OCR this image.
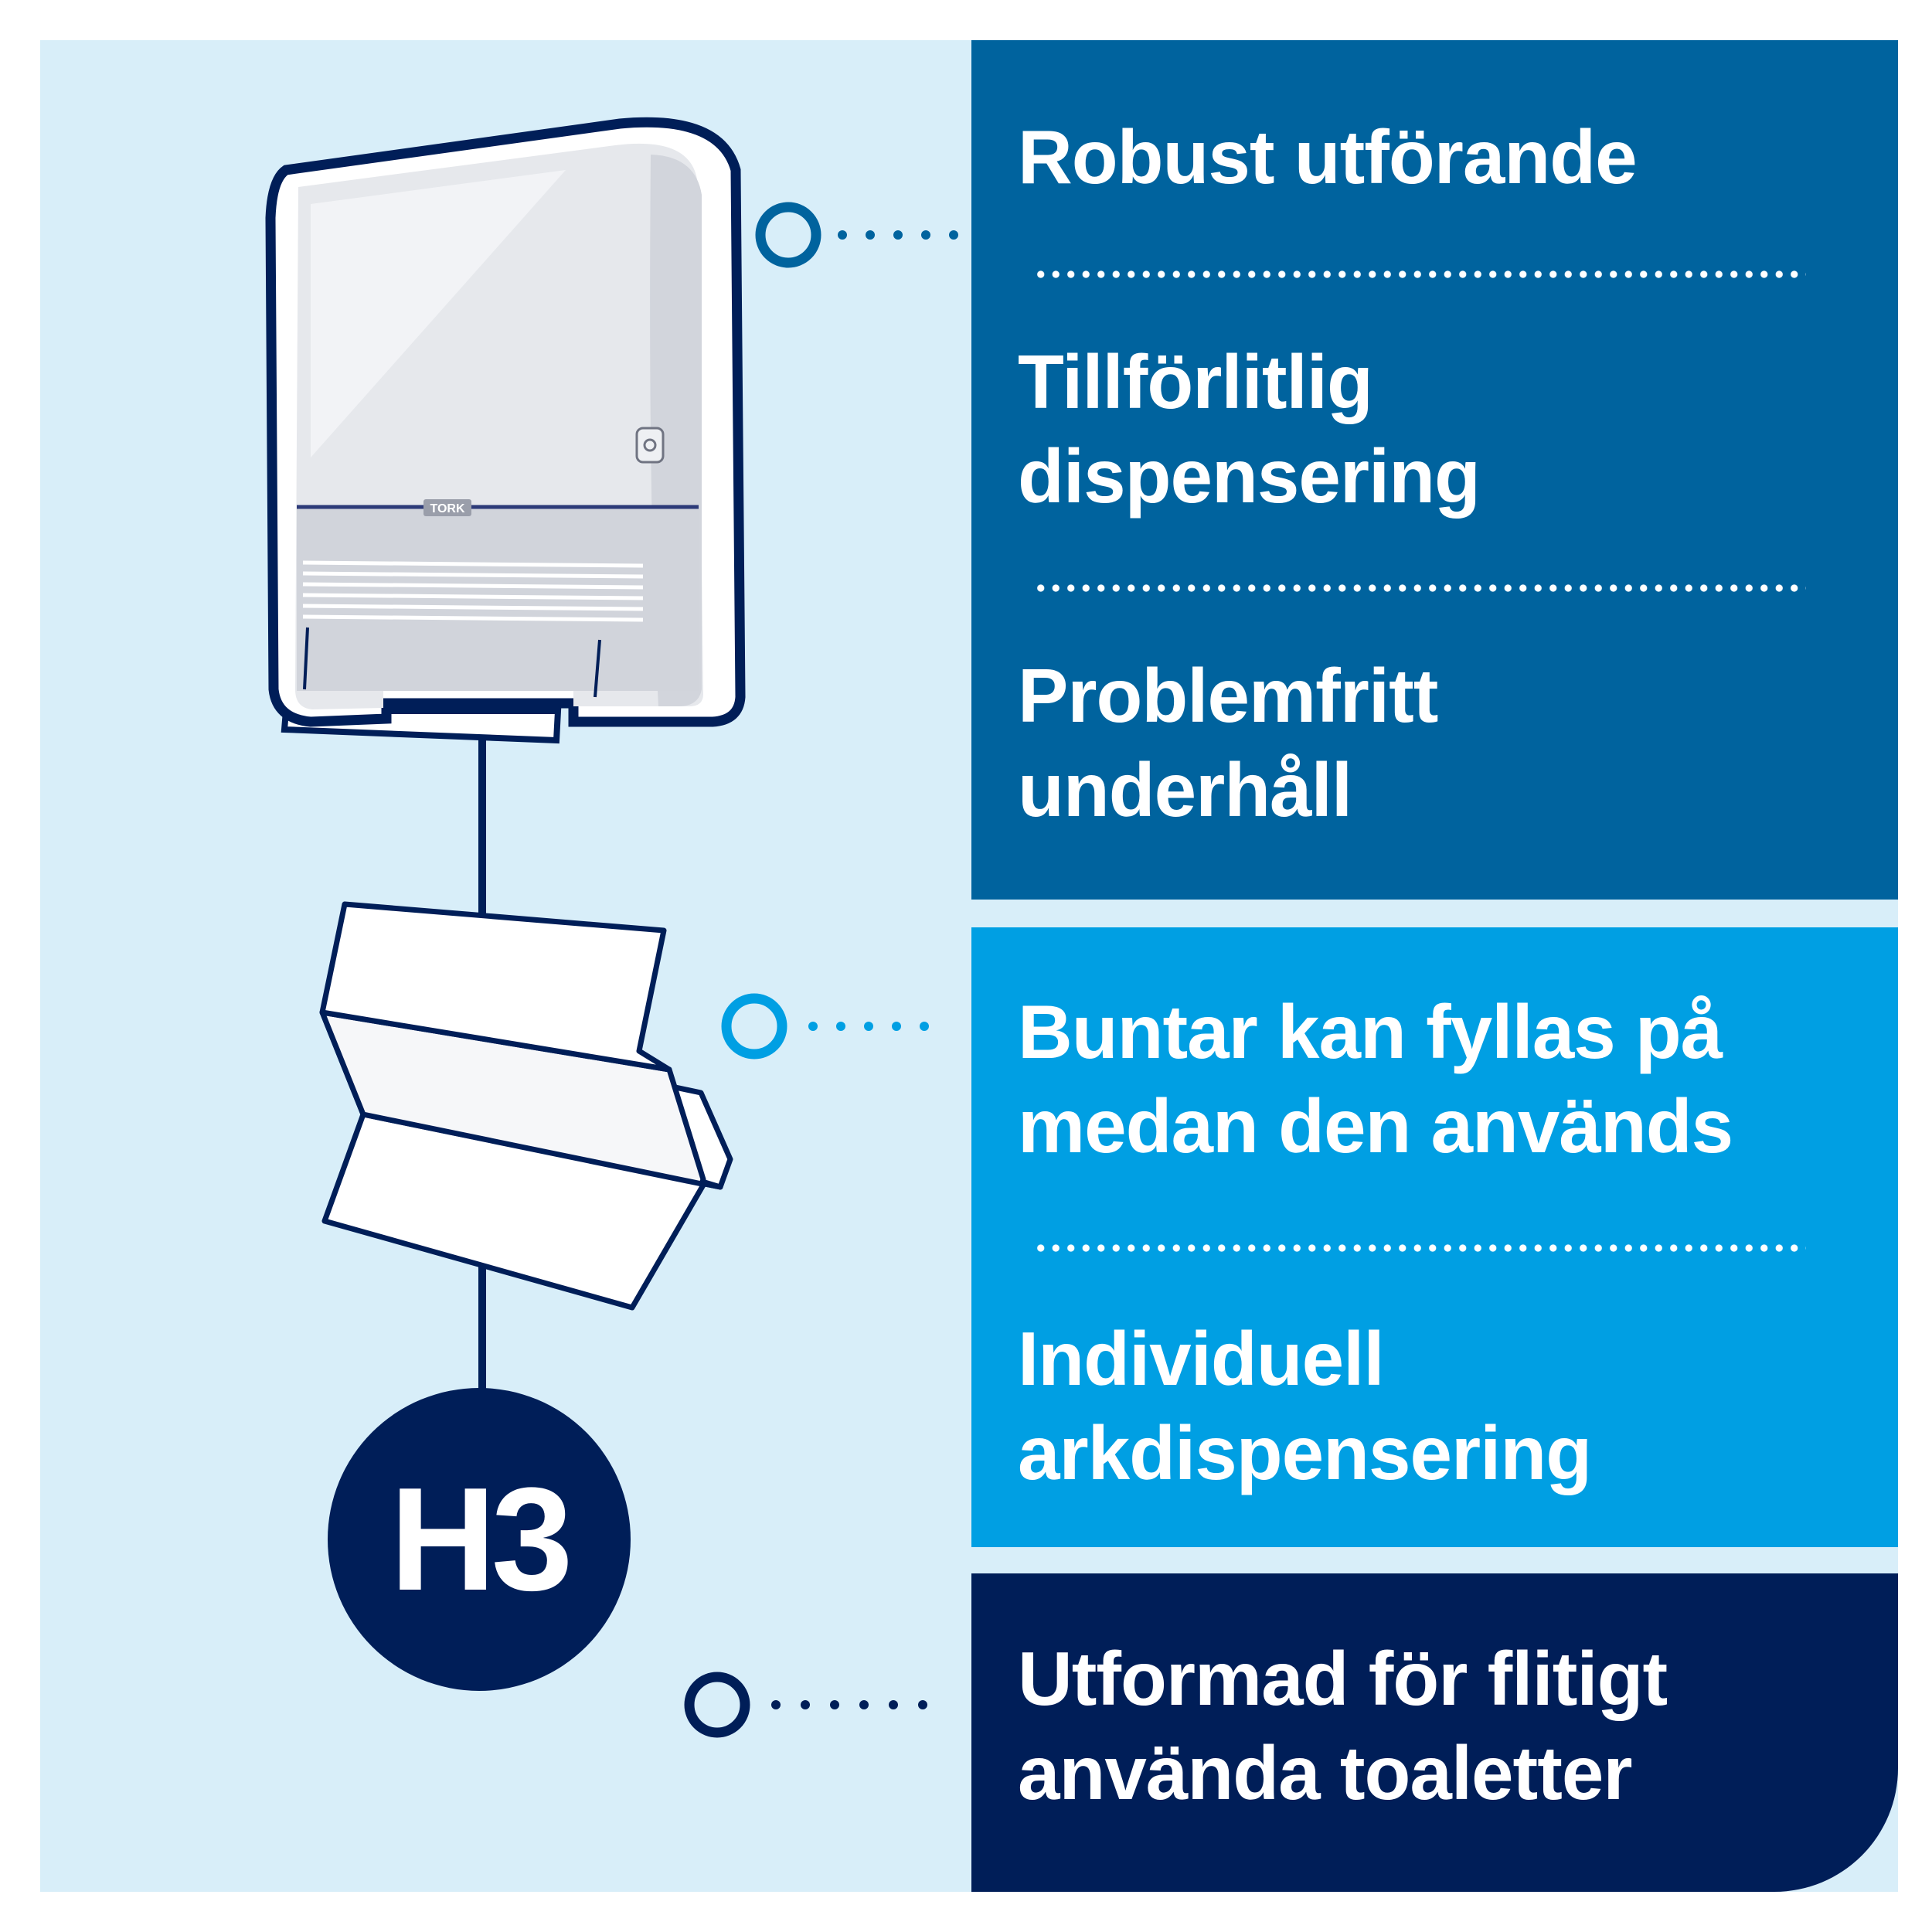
TORK
H3

Robust utförande

Tillförlitlig

dispensering

Problemfritt

underhåll

Buntar kan fyllas på

medan den används

Individuell

arkdispensering

Utformad för flitigt

använda toaletter
